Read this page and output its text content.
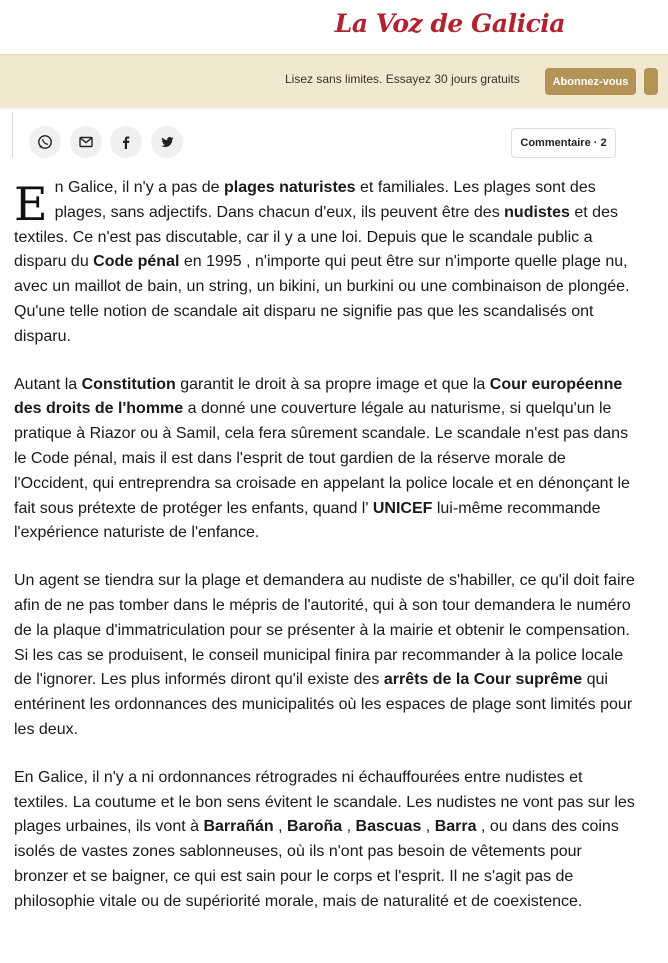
La Voz de Galicia
Lisez sans limites. Essayez 30 jours gratuits	Abonnez-vous
Commentaire · 2

En Galice, il n'y a pas de plages naturistes et familiales. Les plages sont des plages, sans adjectifs. Dans chacun d'eux, ils peuvent être des nudistes et des textiles. Ce n'est pas discutable, car il y a une loi. Depuis que le scandale public a disparu du Code pénal en 1995 , n'importe qui peut être sur n'importe quelle plage nu, avec un maillot de bain, un string, un bikini, un burkini ou une combinaison de plongée. Qu'une telle notion de scandale ait disparu ne signifie pas que les scandalisés ont disparu.

Autant la Constitution garantit le droit à sa propre image et que la Cour européenne des droits de l'homme a donné une couverture légale au naturisme, si quelqu'un le pratique à Riazor ou à Samil, cela fera sûrement scandale. Le scandale n'est pas dans le Code pénal, mais il est dans l'esprit de tout gardien de la réserve morale de l'Occident, qui entreprendra sa croisade en appelant la police locale et en dénonçant le fait sous prétexte de protéger les enfants, quand l' UNICEF lui-même recommande l'expérience naturiste de l'enfance.

Un agent se tiendra sur la plage et demandera au nudiste de s'habiller, ce qu'il doit faire afin de ne pas tomber dans le mépris de l'autorité, qui à son tour demandera le numéro de la plaque d'immatriculation pour se présenter à la mairie et obtenir le compensation. Si les cas se produisent, le conseil municipal finira par recommander à la police locale de l'ignorer. Les plus informés diront qu'il existe des arrêts de la Cour suprême qui entérinent les ordonnances des municipalités où les espaces de plage sont limités pour les deux.

En Galice, il n'y a ni ordonnances rétrogrades ni échauffourées entre nudistes et textiles. La coutume et le bon sens évitent le scandale. Les nudistes ne vont pas sur les plages urbaines, ils vont à Barrañán , Baroña , Bascuas , Barra , ou dans des coins isolés de vastes zones sablonneuses, où ils n'ont pas besoin de vêtements pour bronzer et se baigner, ce qui est sain pour le corps et l'esprit. Il ne s'agit pas de philosophie vitale ou de supériorité morale, mais de naturalité et de coexistence.
